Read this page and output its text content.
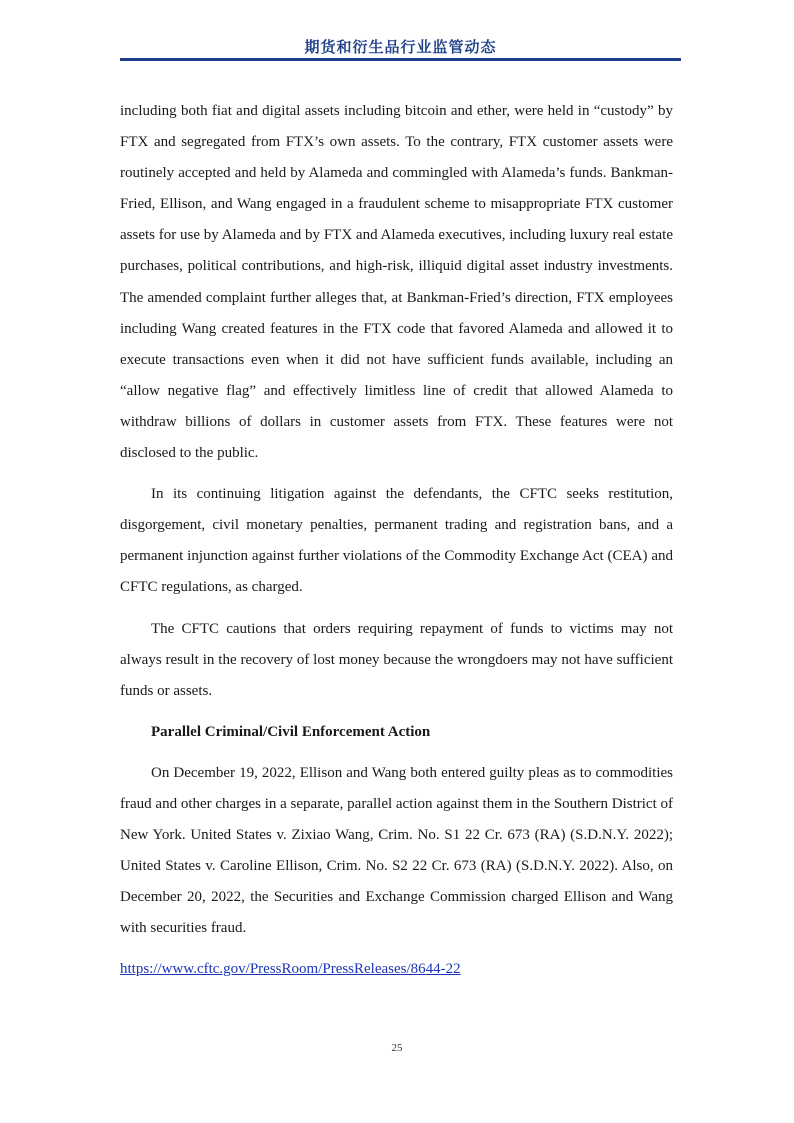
期货和衍生品行业监管动态

including both fiat and digital assets including bitcoin and ether, were held in “custody” by FTX and segregated from FTX’s own assets. To the contrary, FTX customer assets were routinely accepted and held by Alameda and commingled with Alameda’s funds. Bankman-Fried, Ellison, and Wang engaged in a fraudulent scheme to misappropriate FTX customer assets for use by Alameda and by FTX and Alameda executives, including luxury real estate purchases, political contributions, and high-risk, illiquid digital asset industry investments. The amended complaint further alleges that, at Bankman-Fried’s direction, FTX employees including Wang created features in the FTX code that favored Alameda and allowed it to execute transactions even when it did not have sufficient funds available, including an “allow negative flag” and effectively limitless line of credit that allowed Alameda to withdraw billions of dollars in customer assets from FTX. These features were not disclosed to the public.

In its continuing litigation against the defendants, the CFTC seeks restitution, disgorgement, civil monetary penalties, permanent trading and registration bans, and a permanent injunction against further violations of the Commodity Exchange Act (CEA) and CFTC regulations, as charged.

The CFTC cautions that orders requiring repayment of funds to victims may not always result in the recovery of lost money because the wrongdoers may not have sufficient funds or assets.

Parallel Criminal/Civil Enforcement Action

On December 19, 2022, Ellison and Wang both entered guilty pleas as to commodities fraud and other charges in a separate, parallel action against them in the Southern District of New York. United States v. Zixiao Wang, Crim. No. S1 22 Cr. 673 (RA) (S.D.N.Y. 2022); United States v. Caroline Ellison, Crim. No. S2 22 Cr. 673 (RA) (S.D.N.Y. 2022). Also, on December 20, 2022, the Securities and Exchange Commission charged Ellison and Wang with securities fraud.

https://www.cftc.gov/PressRoom/PressReleases/8644-22

25
